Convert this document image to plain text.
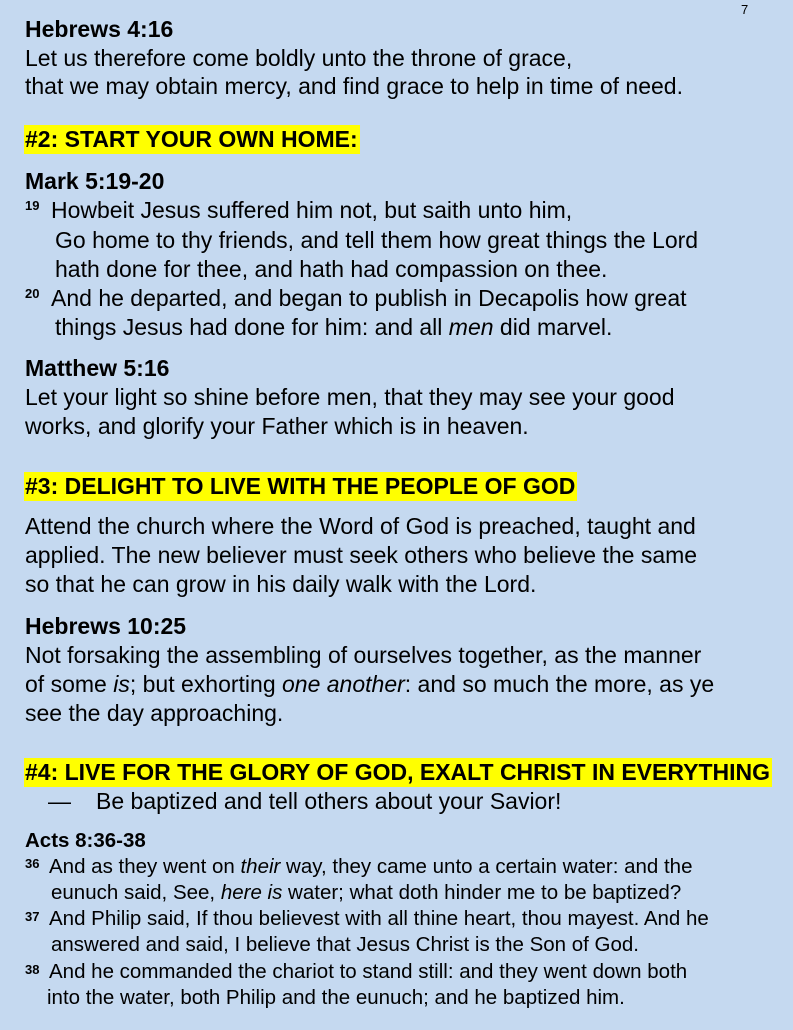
7
Hebrews 4:16
Let us therefore come boldly unto the throne of grace,
that we may obtain mercy, and find grace to help in time of need.
#2: START YOUR OWN HOME:
Mark 5:19-20
19 Howbeit Jesus suffered him not, but saith unto him,
Go home to thy friends, and tell them how great things the Lord
hath done for thee, and hath had compassion on thee.
20 And he departed, and began to publish in Decapolis how great
things Jesus had done for him: and all men did marvel.
Matthew 5:16
Let your light so shine before men, that they may see your good
works, and glorify your Father which is in heaven.
#3: DELIGHT TO LIVE WITH THE PEOPLE OF GOD
Attend the church where the Word of God is preached, taught and
applied. The new believer must seek others who believe the same
so that he can grow in his daily walk with the Lord.
Hebrews 10:25
Not forsaking the assembling of ourselves together, as the manner
of some is; but exhorting one another: and so much the more, as ye
see the day approaching.
#4: LIVE FOR THE GLORY OF GOD, EXALT CHRIST IN EVERYTHING
— Be baptized and tell others about your Savior!
Acts 8:36-38
36 And as they went on their way, they came unto a certain water: and the
eunuch said, See, here is water; what doth hinder me to be baptized?
37 And Philip said, If thou believest with all thine heart, thou mayest. And he
answered and said, I believe that Jesus Christ is the Son of God.
38 And he commanded the chariot to stand still: and they went down both
into the water, both Philip and the eunuch; and he baptized him.
